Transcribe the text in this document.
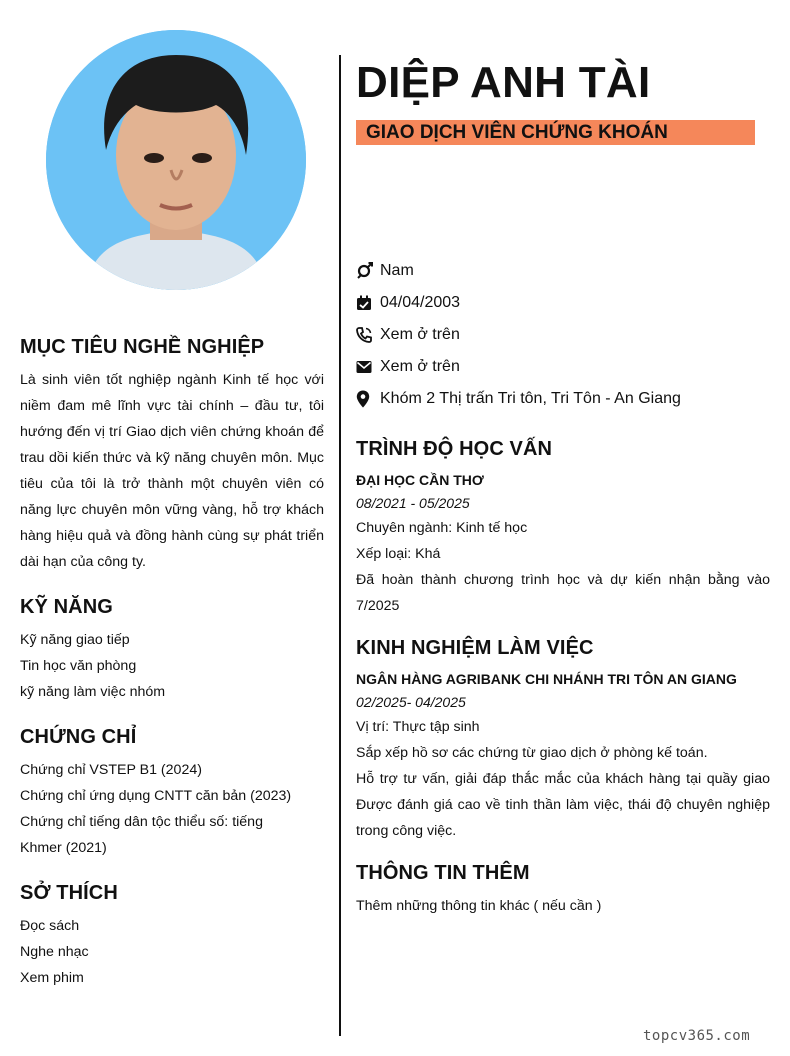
MỤC TIÊU NGHỀ NGHIỆP

Là sinh viên tốt nghiệp ngành Kinh tế học với niềm đam mê lĩnh vực tài chính – đầu tư, tôi hướng đến vị trí Giao dịch viên chứng khoán để trau dồi kiến thức và kỹ năng chuyên môn. Mục tiêu của tôi là trở thành một chuyên viên có năng lực chuyên môn vững vàng, hỗ trợ khách hàng hiệu quả và đồng hành cùng sự phát triển dài hạn của công ty.

KỸ NĂNG
Kỹ năng giao tiếp
Tin học văn phòng
kỹ năng làm việc nhóm
CHỨNG CHỈ
Chứng chỉ VSTEP B1 (2024)
Chứng chỉ ứng dụng CNTT căn bản (2023)
Chứng chỉ tiếng dân tộc thiểu số: tiếng
Khmer (2021)
SỞ THÍCH
Đọc sách
Nghe nhạc
Xem phim
DIỆP ANH TÀI
GIAO DỊCH VIÊN CHỨNG KHOÁN
Nam
04/04/2003
Xem ở trên
Xem ở trên
Khóm 2 Thị trấn Tri tôn, Tri Tôn - An Giang
TRÌNH ĐỘ HỌC VẤN
ĐẠI HỌC CẦN THƠ
08/2021 - 05/2025
Chuyên ngành: Kinh tế học
Xếp loại: Khá

Đã hoàn thành chương trình học và dự kiến nhận bằng vào 7/2025

KINH NGHIỆM LÀM VIỆC
NGÂN HÀNG AGRIBANK CHI NHÁNH TRI TÔN AN GIANG
02/2025- 04/2025
Vị trí: Thực tập sinh
Sắp xếp hồ sơ các chứng từ giao dịch ở phòng kế toán.

Hỗ trợ tư vấn, giải đáp thắc mắc của khách hàng tại quầy giao

Được đánh giá cao về tinh thần làm việc, thái độ chuyên nghiệp trong công việc.

THÔNG TIN THÊM
Thêm những thông tin khác ( nếu cần )
topcv365.com
